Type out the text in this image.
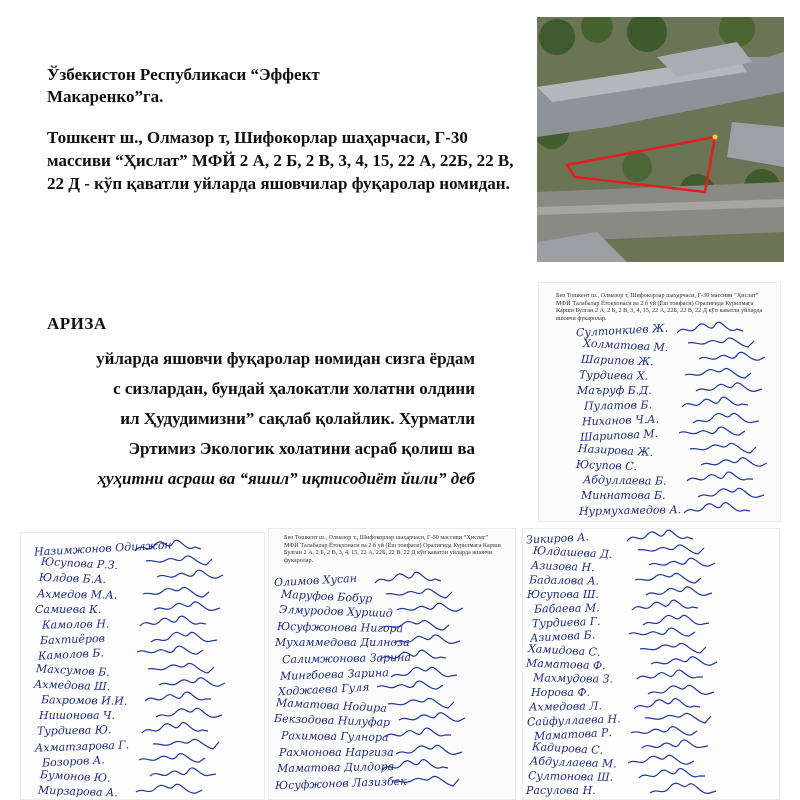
Ўзбекистон Республикаси “Эффект Макаренко”га.
Тошкент ш., Олмазор т, Шифокорлар шаҳарчаси, Г-30 массиви “Ҳислат” МФЙ 2 А, 2 Б, 2 В, 3, 4, 15, 22 А, 22Б, 22 В, 22 Д - кўп қаватли уйларда яшовчилар фуқаролар номидан.
АРИЗА
уйларда яшовчи фуқаролар номидан сизга ёрдам
с сизлардан, бундай ҳалокатли холатни олдини
ил Ҳудудимизни” сақлаб қолайлик. Хурматли
Эртимиз Экологик холатини асраб қолиш ва
ҳуҳитни асраш ва “яшил” иқтисодиёт йили” деб
Биз Тошкент ш., Олмазор т, Шифокорлар шаҳарчаси, Г-30 массиви “Ҳислат” МФЙ Талабалар Ётоқхонаси ва 2 б уй (Ёш тоифаси) Оралиғида Курилмага Карши Булган 2 А, 2 Б, 2 В, 3, 4, 15, 22 А, 22Б, 22 В, 22 Д кўп каватли уйларда яшовчи фукаролар.
Султонкиев Ж.
Холматова М.
Шарипов Ж.
Турдиева Х.
Маъруф Б.Д.
Пулатов Б.
Ниханов Ч.А.
Шарипова М.
Назирова Ж.
Юсупов С.
Абдуллаева Б.
Миннатова Б.
Нурмухамедов А.
Назимжонов Одилжон
Юсупова Р.З.
Юлдов Б.А.
Ахмедов М.А.
Самиева К.
Камолов Н.
Бахтиёров
Камолов Б.
Махсумов Б.
Ахмедова Ш.
Бахромов И.И.
Нишонова Ч.
Турдиева Ю.
Ахматзарова Г.
Бозоров А.
Бумонов Ю.
Мирзарова А.
Биз Тошкент ш., Олмазор т., Шифокорлар шаҳарчаси, Г-30 массиви “Ҳислат” МФЙ Талабалар Ётоқхонаси ва 2 б уй (Ёш тоифаси) Оралиғида Курилмага Карши Булган 2 А, 2 Б, 2 В, 3, 4, 15, 22 А, 22Б, 22 В, 22 Д кўп каватли уйларда яшовчи фукаролар.
Олимов Хусан
Маруфов Бобур
Элмуродов Хуршид
Юсуфжонова Нигора
Мухаммедова Дилноза
Салимжонова Зарина
Мингбоева Зарина
Ходжаева Гуля
Маматова Нодира
Бекзодова Нилуфар
Рахимова Гулнора
Рахмонова Наргиза
Маматова Дилдора
Юсуфжонов Лазизбек
Зикиров А.
Юлдашева Д.
Азизова Н.
Бадалова А.
Юсупова Ш.
Бабаева М.
Турдиева Г.
Азимова Б.
Хамидова С.
Маматова Ф.
Махмудова З.
Норова Ф.
Ахмедова Л.
Сайфуллаева Н.
Маматова Р.
Кадирова С.
Абдуллаева М.
Султонова Ш.
Расулова Н.
